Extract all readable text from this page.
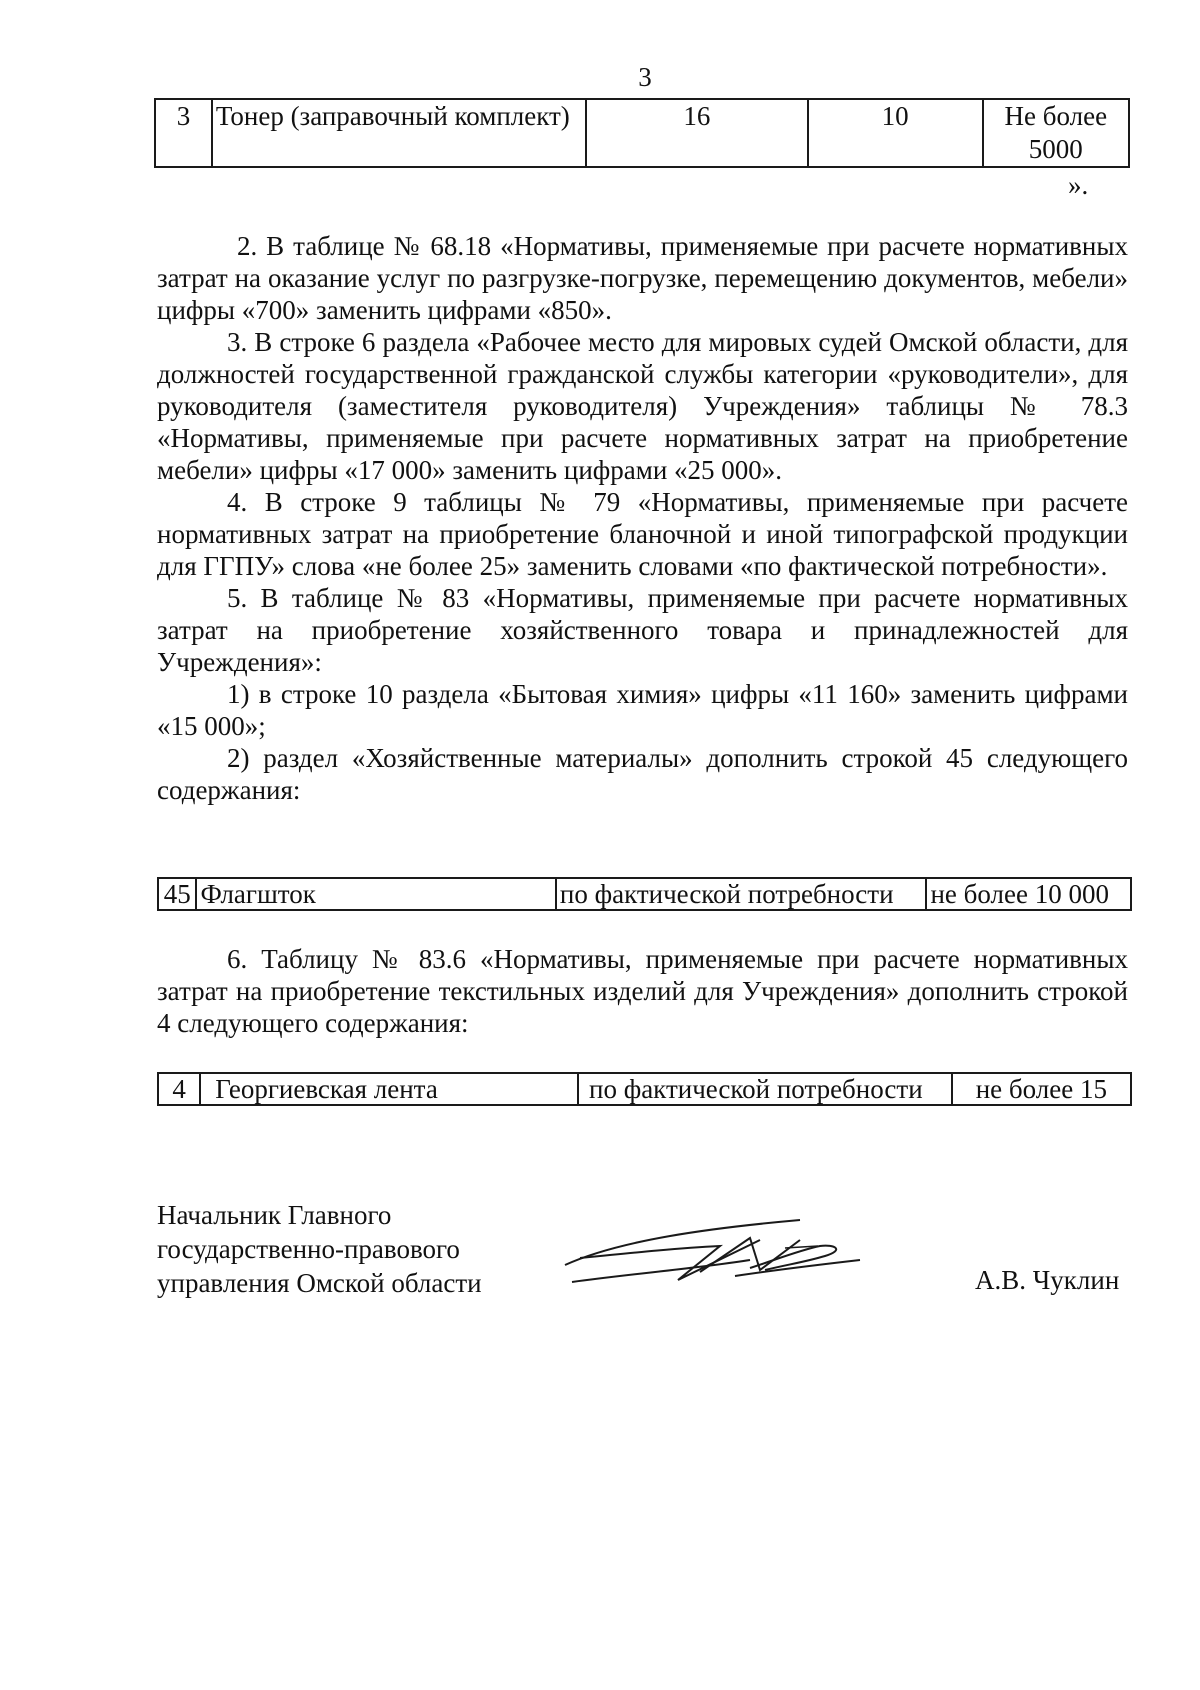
3
3	Тонер (заправочный комплект)	16	10	Не более 5000
».

2. В таблице № 68.18 «Нормативы, применяемые при расчете нормативных затрат на оказание услуг по разгрузке-погрузке, перемещению документов, мебели» цифры «700» заменить цифрами «850».

3. В строке 6 раздела «Рабочее место для мировых судей Омской области, для должностей государственной гражданской службы категории «руководители», для руководителя (заместителя руководителя) Учреждения» таблицы № 78.3 «Нормативы, применяемые при расчете нормативных затрат на приобретение мебели» цифры «17 000» заменить цифрами «25 000».

4. В строке 9 таблицы № 79 «Нормативы, применяемые при расчете нормативных затрат на приобретение бланочной и иной типографской продукции для ГГПУ» слова «не более 25» заменить словами «по фактической потребности».

5. В таблице № 83 «Нормативы, применяемые при расчете нормативных затрат на приобретение хозяйственного товара и принадлежностей для Учреждения»:

1) в строке 10 раздела «Бытовая химия» цифры «11 160» заменить цифрами «15 000»;

2) раздел «Хозяйственные материалы» дополнить строкой 45 следующего содержания:

45	Флагшток	по фактической потребности	не более 10 000

6. Таблицу № 83.6 «Нормативы, применяемые при расчете нормативных затрат на приобретение текстильных изделий для Учреждения» дополнить строкой 4 следующего содержания:

4	Георгиевская лента	по фактической потребности	не более 15
Начальник Главного
государственно-правового
управления Омской области	А.В. Чуклин
